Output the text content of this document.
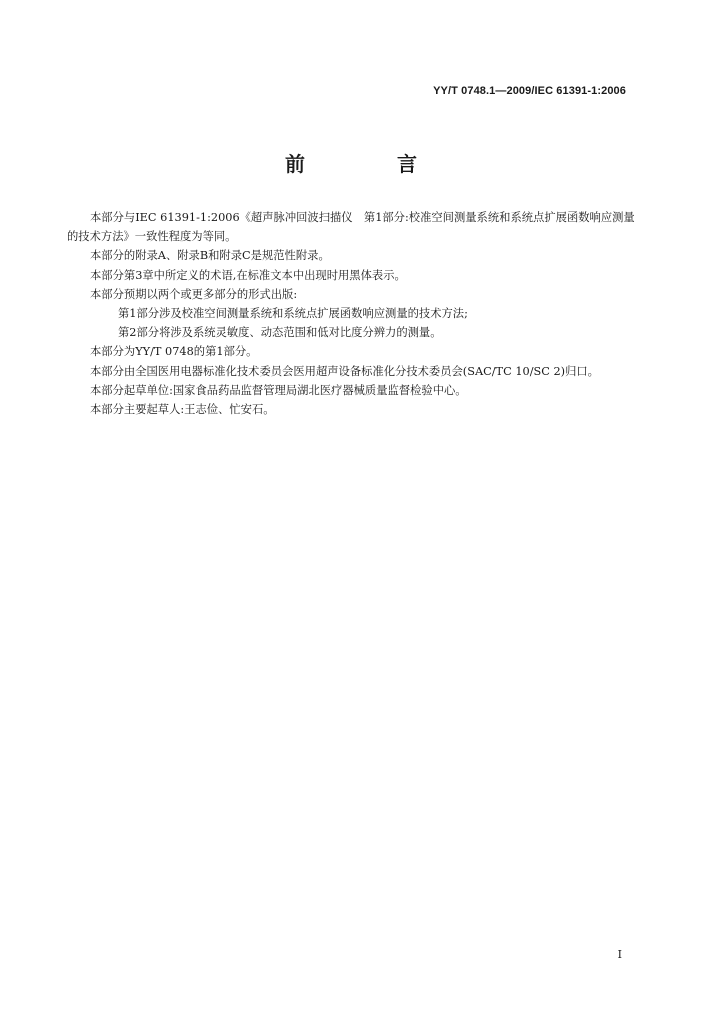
YY/T 0748.1—2009/IEC 61391-1:2006
前　言

本部分与IEC 61391-1:2006《超声脉冲回波扫描仪　第1部分:校准空间测量系统和系统点扩展函数响应测量的技术方法》一致性程度为等同。

本部分的附录A、附录B和附录C是规范性附录。

本部分第3章中所定义的术语,在标准文本中出现时用黑体表示。

本部分预期以两个或更多部分的形式出版:

第1部分涉及校准空间测量系统和系统点扩展函数响应测量的技术方法;

第2部分将涉及系统灵敏度、动态范围和低对比度分辨力的测量。

本部分为YY/T 0748的第1部分。

本部分由全国医用电器标准化技术委员会医用超声设备标准化分技术委员会(SAC/TC 10/SC 2)归口。

本部分起草单位:国家食品药品监督管理局湖北医疗器械质量监督检验中心。

本部分主要起草人:王志俭、忙安石。

I
